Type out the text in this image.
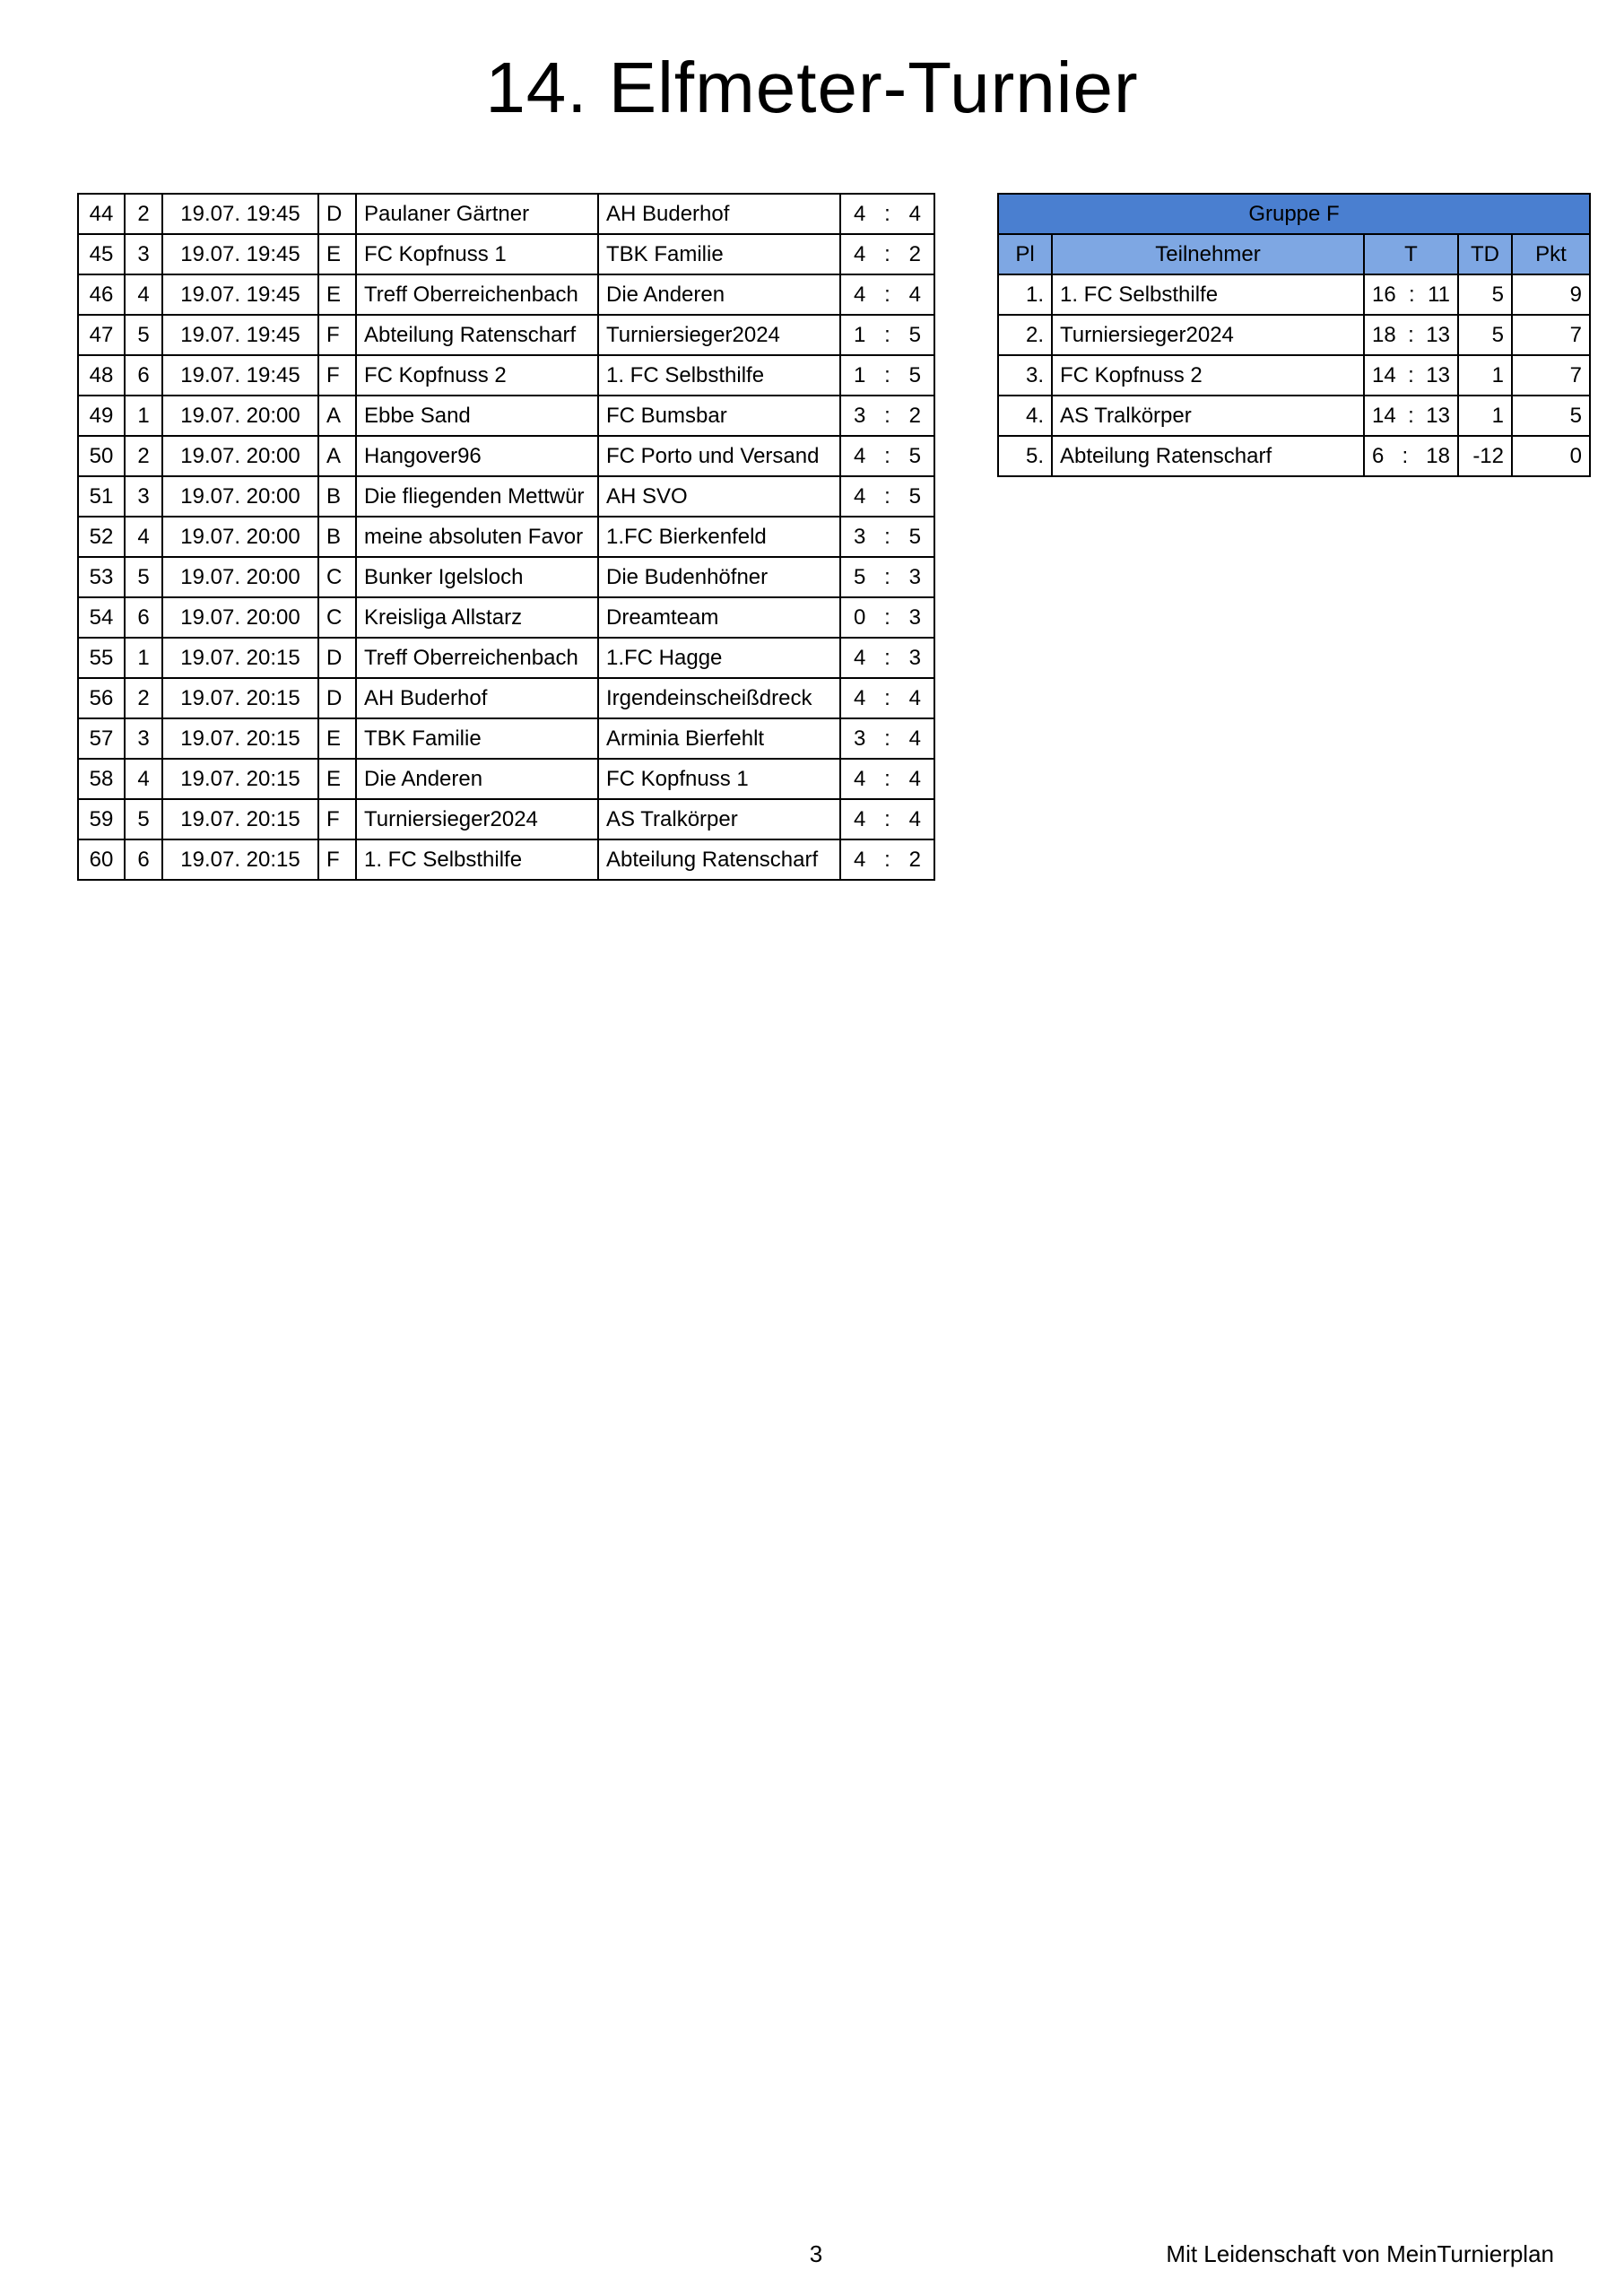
14. Elfmeter-Turnier
44	2	19.07. 19:45	D	Paulaner Gärtner	AH Buderhof	4 : 4

45	3	19.07. 19:45	E	FC Kopfnuss 1	TBK Familie	4 : 2

46	4	19.07. 19:45	E	Treff Oberreichenbach	Die Anderen	4 : 4

47	5	19.07. 19:45	F	Abteilung Ratenscharf	Turniersieger2024	1 : 5

48	6	19.07. 19:45	F	FC Kopfnuss 2	1. FC Selbsthilfe	1 : 5

49	1	19.07. 20:00	A	Ebbe Sand	FC Bumsbar	3 : 2

50	2	19.07. 20:00	A	Hangover96	FC Porto und Versand	4 : 5

51	3	19.07. 20:00	B	Die fliegenden Mettwür	AH SVO	4 : 5

52	4	19.07. 20:00	B	meine absoluten Favor	1.FC Bierkenfeld	3 : 5

53	5	19.07. 20:00	C	Bunker Igelsloch	Die Budenhöfner	5 : 3

54	6	19.07. 20:00	C	Kreisliga Allstarz	Dreamteam	0 : 3

55	1	19.07. 20:15	D	Treff Oberreichenbach	1.FC Hagge	4 : 3

56	2	19.07. 20:15	D	AH Buderhof	Irgendeinscheißdreck	4 : 4

57	3	19.07. 20:15	E	TBK Familie	Arminia Bierfehlt	3 : 4

58	4	19.07. 20:15	E	Die Anderen	FC Kopfnuss 1	4 : 4

59	5	19.07. 20:15	F	Turniersieger2024	AS Tralkörper	4 : 4

60	6	19.07. 20:15	F	1. FC Selbsthilfe	Abteilung Ratenscharf	4 : 2
Gruppe F				
Pl	Teilnehmer	T	TD	Pkt
1.	1. FC Selbsthilfe	16 : 11	5	9
2.	Turniersieger2024	18 : 13	5	7
3.	FC Kopfnuss 2	14 : 13	1	7
4.	AS Tralkörper	14 : 13	1	5
5.	Abteilung Ratenscharf	6 : 18	-12	0
3	Mit Leidenschaft von MeinTurnierplan
